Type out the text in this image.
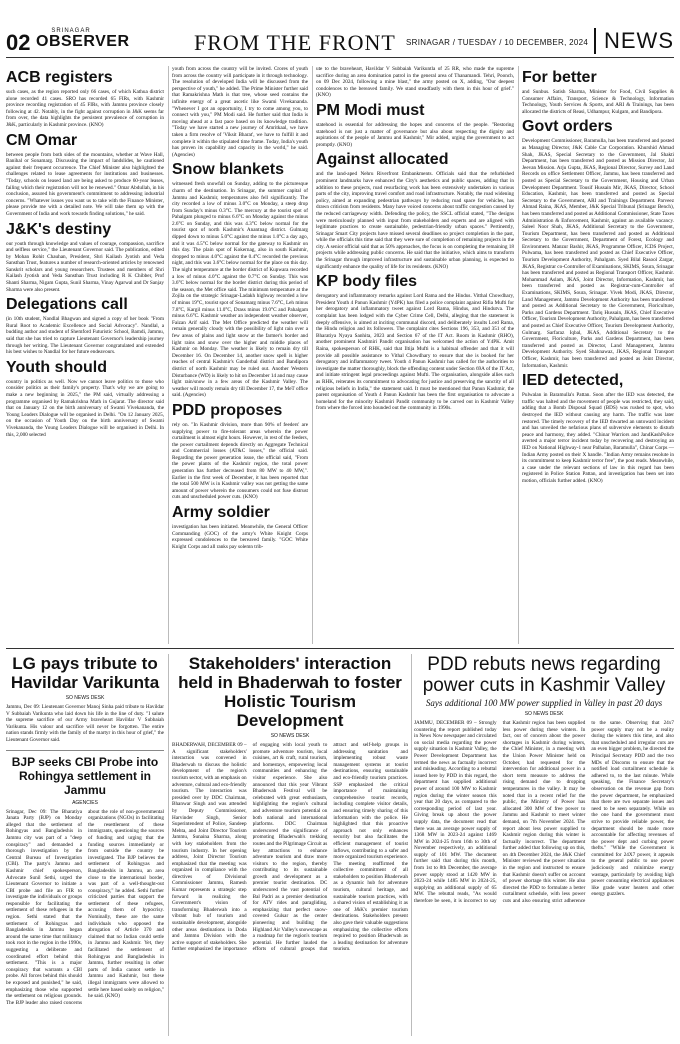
02	SRINAGAR
OBSERVER	FROM THE FRONT SRINAGAR / TUESDAY / 10 DECEMBER, 2024 NEWS
ACB registers

such cases, as the region reported only 66 cases, of which Kathua district alone recorded 41 cases. SRO has recorded 65 FIRs, with Kashmir province recording registration of 45 FIRs, with Jammu province closely following at 42. Notably, in the fight against corruption in J&K seems far from over, the data highlights the persistent prevalence of corruption in J&K, particularly in Kashmir province. (KNO)

CM Omar

between people from both sides of the mountains, whether at Wave Hall, Banihal or Sonamarg. Discussing the impact of landslides, he cautioned against their frequent occurrence. The Chief Minister also highlighted the challenges related to lease agreements for institutions and businesses. "Today, schools on leased land are being asked to produce 60-year leases, failing which their registration will not be renewed." Omar Abdullah, in his conclusion, assured his government's commitment to addressing industrial concerns. "Whatever issues you want us to take with the Finance Minister, please provide me with a detailed note. We will take them up with the Government of India and work towards finding solutions," he said.

J&K's destiny

our youth through knowledge and values of courage, compassion, sacrifice and selfless service," the Lieutenant Governor said. The publication, edited by Mohan Rohit Chauhan, President, Shri Kailash Jyotish and Veda Sansthan Trust, features a number of research-oriented articles by renowned Sanskrit scholars and young researchers. Trustees and members of Shri Kailash Jyotish and Veda Sansthan Trust including R K Chibber, Prof Shanti Sharma, Nigam Gupta, Sunil Sharma, Vinay Agarwal and Dr Sanjay Sharma were also present.

Delegations call

(in 10th student, Nandlal Bhagwan and signed a copy of her book "From Rural Root to Academic Excellence and Social Advocacy". Nandlal, a budding author and student of Shemford Futuristic School, Bamdi, Jammu, said that she has tried to capture Lieutenant Governor's leadership journey through her writing. The Lieutenant Governor congratulated and extended his best wishes to Nandlal for her future endeavours.

Youth should

country in politics as well. Now we cannot leave politics to those who consider politics as their family's property. That's why we are going to make a new beginning in 2025," the PM said, virtually addressing a programme organised by Ramakrishna Math in Gujarat. The director said that on January 12 on the birth anniversary of Swami Vivekananda, the Young Leaders Dialogue will be organised in Delhi. "On 12 January 2025, on the occasion of Youth Day on the birth anniversary of Swami Vivekananda, the Young Leaders Dialogue will be organised in Delhi. In this, 2,000 selected

youth from across the country will be invited. Crores of youth from across the country will participate in it through technology. The resolution of developed India will be discussed from the perspective of youth," he added. The Prime Minister further said that Ramakrishna Math is that tree, whose seed contains the infinite energy of a great ascetic like Swami Vivekananda. "Whenever I got an opportunity, I try to come among you, to connect with you," PM Modi said. He further said that India is moving ahead at a fast pace based on its knowledge tradition. "Today we have started a new journey of Amritkaal, we have taken a firm resolve of 'Viksit Bharat', we have to fulfill it and complete it within the stipulated time frame. Today, India's youth has proven its capability and capacity in the world," he said. (Agencies)

Snow blankets

witnessed fresh snowfall on Sunday, adding to the picturesque charm of the destination. In Srinagar, the summer capital of Jammu and Kashmir, temperatures also fell significantly. The city recorded a low of minus 3.0°C on Monday, a steep drop from Sunday's minus 0.3°C. The mercury at the tourist spot of Pahalgam plunged to minus 6.6°C on Monday against the minus 2.6°C on Sunday, and this was 4.3°C below normal for the tourist spot of north Kashmir's Anantnag district. Gulmarg dipped down to minus 5.0°C against the minus 1.0°C a day ago, and it was 4.5°C below normal for the gateway to Kashmir on this day. The plain spot of Kokernag, also in south Kashmir, dropped to minus 4.0°C against the 0.4°C recorded the previous night, and this was 3.6°C below normal for the place on this day. The night temperature at the border district of Kupwara recorded a low of minus 4.0°C against the 0.7°C on Sunday. This was 3.6°C below normal for the border district during this period of the season, the Met office said. The minimum temperature at the Zojila on the strategic Srinagar-Ladakh highway recorded a low of minus 19°C, tourist spot of Sonamarg minus 7.6°C, Leh minus 7.8°C, Kargil minus 11.0°C, Drass minus 19.0°C and Pahalgam minus 6.6°C. Kashmir weather an independent weather observer, Faizan Arif said. The Met Office predicted the weather will remain generally cloudy with the possibility of light rain over a few areas of plains and light snow at the farmer's border and light rains and snow over the higher and middle places of Kashmir on Monday. The weather is likely to remain dry till December 16. On December 14, another snow spell is higher reaches of central Kashmir's Ganderbal district and Bandipora district of north Kashmir may be ruled out. Another Western Disturbance (WD) is likely to hit on December 14 and may cause light rain/snow in a few areas of the Kashmir Valley. The weather will mostly remain dry till December 17, the MeT office said. (Agencies)

PDD proposes

rely on. "In Kashmir division, more than 90% of feeders' are supplying power to fire-tolerant areas wherein the power curtailment is almost eight hours. However, in rest of the feeders, the power curtailment depends directly on Aggregate Technical and Commercial losses (AT&C losses," the official said. Regarding the power generation issue, the official said, "From the power plants of the Kashmir region, the total power generation has further decreased from 80 MW to 40 MW,". Earlier in the first week of December, it has been reported that the total 500 MW is in Kashmir valley was not getting the same amount of power wherein the consumers could not fuse distrust cuts and unscheduled power cuts. (KNO)

Army soldier

investigation has been initiated. Meanwhile, the General Officer Commanding (GOC) of the army's White Knight Corps expressed condolences to the bereaved family. "GOC White Knight Corps and all ranks pay solemn trib-

ute to the braveheart, Havildar V Subbaiah Varikuntla of 25 RR, who made the supreme sacrifice during an area domination patrol in the general area of Thanamandi. Tehri, Poonch, on 09 Dec 2024, following a mine blast," the army posted on X, adding, "Our deepest condolences to the bereaved family. We stand steadfastly with them in this hour of grief." (KNO)

PM Modi must

statehood is essential for addressing the hopes and concerns of the people. "Restoring statehood is not just a matter of governance but also about respecting the dignity and aspirations of the people of Jammu and Kashmir," Mir added, urging the government to act promptly. (KNO)

Against allocated

and the land-aped Nehru Riverfront Embankments. Officials said that the refurbished prominent landmarks have enhanced the City's aesthetics and public spaces, adding that in addition to these projects, road resurfacing work has been extensively undertaken in various parts of the city, improving travel comfort and road infrastructure. Notably, the road widening policy, aimed at expanding pedestrian pathways by reducing road space for vehicles, has drawn criticism from residents. Many have voiced concerns about traffic congestion caused by the reduced carriageway width. Defending the policy, the SSCL official stated, "The designs were meticulously planned with input from stakeholders and experts and are aligned with legitimate practices to create sustainable, pedestrian-friendly urban spaces." Pertinently, Srinagar Smart City projects have missed several deadlines so project completion in the past, while the officials this time said that they were sure of completion of remaining projects in the city. A senior official said that as 50% approaches, the focus is on completing the remaining 18 projects while addressing public concerns. He said that the initiative, which aims to transform the Srinagar through improved infrastructure and sustainable urban planning, is expected to significantly enhance the quality of life for its residents. (KNO)

KP body files

derogatory and inflammatory remarks against Lord Rama and the Hindus. Vitthal Chowdhary, President Youth 4 Panun Kashmir (Y4PK) has filed a police complaint against Rifia Mufti for her derogatory and inflammatory tweet against Lord Rama, Hindus, and Hindutva. The complaint has been lodged with the Cyber Crime Cell, Delhi, alleging that the statement is deeply offensive, is aimed at inciting communal discord, and deliberately insults Lord Rama, the Hindu religion and its followers. The complaint cites Sections 196, 353, and 351 of the Bharatiya Nyaya Sanhita, 2023 and Section 67 of the IT Act. Room in Kashmir (RHO), another prominent Kashmiri Pandit organisation has welcomed the action of Y4PK. Amit Raina, spokesperson of RHK, said that Iltija Mufti is a habitual offender and that it will provide all possible assistance to Vithal Chowdhary to ensure that she is booked for her derogatory and inflammatory tweet. Youth 4 Panun Kashmir has called for the authorities to investigate the matter thoroughly, block the offending content under Section 69A of the IT Act, and initiate stringent legal proceedings against Mufti. The organisation, alongside allies such as RHK, reiterates its commitment to advocating for justice and preserving the sanctity of all religious beliefs in India," the statement said. It must be mentioned that Panun Kashmir, the parent organisation of Youth 4 Panun Kashmir has been the first organisation to advocate a homeland for the minority Kashmiri Pandit community to be carved out in Kashmir Valley from where the forced into hounded out the community in 1990s.

For better

and Sunbus. Satish Sharma, Minister for Food, Civil Supplies & Consumer Affairs, Transport, Science & Technology, Information Technology, Youth Services & Sports, and ARI & Trainings, has been allocated the districts of Reasi, Udhampur, Kulgam, and Bandipora.

Govt orders

Development Commissioner, Baramulla, has been transferred and posted as Managing Director, J&K Cable Car Corporation. Khurshid Ahmad Shah, JKAS, Special Secretary to the Government, Jal Shakti Department, has been transferred and posted as Mission Director, Jal Jeevan Mission. Arju Gupta, JKAS, Regional Director, Survey and Land Records on office Settlement Officer, Jammu, has been transferred and posted as Special Secretary to the Government, Housing and Urban Development Department. Tousif Hussain Mir, JKAS, Director, School Education, Kashmir, has been transferred and posted as Special Secretary to the Government, ARI and Trainings Department. Parveez Ahmad Raina, JKAS, Member, J&K Special Tribunal (Srinagar Bench), has been transferred and posted as Additional Commissioner, State Taxes Administration & Enforcement, Kashmir, against an available vacancy. Saleel Noor Shah, JKAS, Additional Secretary to the Government, Tourism Department, has been transferred and posted as Additional Secretary to the Government, Department of Forest, Ecology and Environment. Manzur Bashir, JKAS, Programme Officer, ICDS Project, Pulwama, has been transferred and posted as Chief Executive Officer, Tourism Development Authority, Pahalgam. Syed Bilal Rasool Zargar, JKAS, Registrar co-Controller of Examinations, SKIMS, Soura, Srinagar has been transferred and posted as Regional Transport Officer, Kashmir. Mohammad Aslam, JKAS, Joint Director, Information, Kashmir, has been transferred and posted as Registrar-cum-Controller of Examinations, SKIMS, Soura, Srinagar. Vivek Modi, JKAS, Director, Land Management, Jammu Development Authority has been transferred and posted as Additional Secretary to the Government, Floriculture, Parks and Gardens Department. Tariq Hussain, JKAS, Chief Executive Officer, Tourism Development Authority, Pahalgam, has been transferred and posted as Chief Executive Officer, Tourism Development Authority, Gulmarg. Sarfaraz Iqbal, JKAS, Additional Secretary to the Government, Floriculture, Parks and Gardens Department, has been transferred and posted as Director, Land Management, Jammu Development Authority. Syed Shahnawaz, JKAS, Regional Transport Officer, Kashmir, has been transferred and posted as Joint Director, Information, Kashmir.

IED detected,

Pulwalan in Baramulla's Pattan. Soon after the IED was detected, the traffic was halted and the movement of people was restricted, they said, adding that a Bomb Disposal Squad (BDS) was rushed to spot, who destroyed the IED without causing any harm. The traffic was later restored. The timely recovery of the IED thwarted an untoward incident and has unveiled the nefarious plans of subversive elements to disturb peace and harmony, they added. "Chinar Warriors and JandKashPolice averted a major terror incident today by recovering and destroying an IED on National Highway-1 near Palhalan, Baramulla", Chinar Corps — Indian Army posted on their X handle. "Indian Army remains resolute in its commitment to keep Kashmir terror free", the post reads. Meanwhile, a case under the relevant sections of law in this regard has been registered in Police Station Pattan, and investigation has been set into motion, officials further added. (KNO)

LG pays tribute to Havildar Varikunta
SO NEWS DESK

Jammu, Dec 09: Lieutenant Governor Manoj Sinha paid tribute to Havildar V Subbaiah Varikunta who laid down his life in the line of duty. "I salute the supreme sacrifice of our Army braveheart Havildar V Subbaiah Varikunta. His valour and sacrifice will never be forgotten. The entire nation stands firmly with the family of the martyr in this hour of grief," the Lieutenant Governor said.

BJP seeks CBI Probe into Rohingya settlement in Jammu
AGENCIES
Srinagar, Dec 09: The Bharatiya Janata Party (BJP) on Monday alleged that the settlement of Rohingyas and Bangladeshis in Jammu city was part of a "deep conspiracy" and demanded a thorough investigation by the Central Bureau of Investigation (CBI). The party's Jammu and Kashmir chief spokesperson, Advocate Sunil Sethi, urged the Lieutenant Governor to initiate a CBI probe and file an FIR to investigate the individuals or groups responsible for facilitating the settlement of these refugees in the region. Sethi stated that the settlement of Rohingyas and Bangladeshis in Jammu began around the same time that militancy took root in the region in the 1990s, suggesting a deliberate and coordinated effort behind this settlement. "This is a major conspiracy that warrants a CBI probe. All forces behind this should be exposed and punished," he said, emphasizing those who supported the settlement on religious grounds. The BJP leader also raised concerns about the role of non-governmental organizations (NGOs) in facilitating the resettlement of these immigrants, questioning the sources of funding and urging that the funding sources immediately or from outside the country be investigated. The BJP believes the settlement of Rohingyas and Bangladeshis in Jammu, an area close to the international border, was part of a well-thought-out conspiracy," he added. Sethi further criticized parties that support the settlement of these refugees, accusing them of hypocrisy. Nominally, these are the same individuals who opposed the abrogation of Article 370 and claimed that no Indian could settle in Jammu and Kashmir. Yet, they facilitated the settlement of Rohingyas and Bangladeshis in Jammu, further resulting in other parts of India cannot settle in Jammu and Kashmir, but these illegal immigrants were allowed to settle here based solely on religion," he said. (KNO)
Stakeholders' interaction held in Bhaderwah to foster Holistic Tourism Development
SO NEWS DESK
BHADERWAH, DECEMBER 09 – A significant stakeholders' interaction was convened in Bhaderwah to discuss the holistic development of the region's tourism sector, with an emphasis on adventure, cultural and eco-friendly tourism. The interaction was presided over by DDC Chairman, Bhanwar Singh and was attended by Deputy Commissioner, Harvinder Singh, Senior Superintendent of Police, Sandeep Mehta, and Joint Director Tourism Jammu, Sunaina Sharma, along with key stakeholders from the tourism industry. In her opening address, Joint Director Tourism emphasized that the meeting was organized in compliance with the directives of Divisional Commissioner Jammu, Ramesh Kumar represents a strategic step forward in realizing the Government's vision of transforming Bhaderwah into a vibrant hub of tourism and sustainable development, alongside other areas destinations in Doda and Jammu Division with the active support of stakeholders. She further emphasized the importance of engaging with local youth to promote adventure tourism, local cuisines, art & craft, rural tourism, and homestays, empowering local communities and enhancing the visitor experience. She also announced that this year Vibrant Bhaderwah Festival will be celebrated with great enthusiasm, highlighting the region's cultural and adventure tourism potential on both national and international platforms. DDC Chairman underscored the significance of promoting Bhaderwah's trekking routes and the Pilgrimage Circuit as key attractions to enhance adventure tourism and draw more visitors to the region, thereby contributing to its sustainable growth and development as a premier tourist destination. DC underscored the vast potential of Bal Padri as a premier destination for ATV rides and paragliding, emphasizing that perfect snow-covered Gulsar as the center pioneering and building the Highland Air Valley's snowscape as a roadmap for the region's tourism potential. He further lauded the efforts of cultural groups that attract and self-help groups in addressing sanitation and implementing robust waste management systems at tourist destinations, ensuring sustainable and eco-friendly tourism practices. SSP emphasized the critical importance of maintaining comprehensive tourist records, including complete visitor details, and ensuring timely sharing of this information with the police. He highlighted that this proactive approach not only enhances security but also facilitates the efficient management of tourist inflows, contributing to a safer and more organized tourism experience. The meeting reaffirmed the collective commitment of all stakeholders to position Bhaderwah as a dynamic hub for adventure tourism, cultural heritage, and sustainable tourism practices, with a shared vision of establishing it as one of J&K's premier tourism destinations. Stakeholders present also gave their valuable suggestions emphasizing the collective efforts required to position Bhaderwah as a leading destination for adventure tourism.
PDD rebuts news regarding power cuts in Kashmir Valley
Says additional 100 MW power supplied in Valley in past 20 days
SO NEWS DESK
JAMMU, DECEMBER 09 – Strongly countering the report published today in News Now newspaper and circulated on social media regarding the power supply situation in Kashmir Valley, the Power Development Department has termed the news as factually incorrect and misleading. According to a rebuttal issued here by PDD in this regard, the department has supplied additional power of around 100 MW to Kashmir region during the winter season this year that 20 days, as compared to the corresponding period of last year. Giving break up about the power supply data, the document read that there was an average power supply of 1368 MW in 2023-24 against 1469 MW in 2024-25 from 16th to 30th of November respectively, an additional supply of 101 MW. The document further said that during this month, from 1st to 8th December, the average power supply stood at 1420 MW in 2023-24 while 1485 MW in 2024-25, supplying an additional supply of 65 MW. The rebuttal reads, "As would therefore be seen, it is incorrect to say that Kashmir region has been supplied less power during these winters. In fact, out of concern about the power shortages in Kashmir during winters, the Chief Minister, in a meeting with the Union Power Minister held on October, had requested for the intervention for additional power in a short term measure to address the rising demand due to dropping temperatures in the valley. It may be noted that in a recent relief for the public, the Ministry of Power has allocated 300 MW of free power to Jammu and Kashmir to meet winter demand, on 7th November 2024. The report about less power supplied to Kashmir region during this winter is factually incorrect. The department further added that following up on this, on 4th December 2024, the J&K Chief Minister reviewed the power situation in the region and instructed to ensure that Kashmir doesn't suffer on account of power shortage this winter. He also directed the PDD to formulate a better curtailment schedule, with less power cuts and also ensuring strict adherence to the same. Observing that 24x7 power supply may not be a reality during the winters this time, and also that unscheduled and irregular cuts are an even bigger problem, he directed the Principal Secretary PDD and the two MDs of Discoms to ensure that the notified load curtailment schedule is adhered to, to the last minute. While speaking, the Finance Secretary's observation on the revenue gap from the power department, he emphasized that there are two separate issues and need to be seen separately. While on the one hand the government must strive to provide reliable power, the department should be made more accountable for affecting revenues of the power dept and curbing power thefts." "While the Government is committed for 24X7 power, it appeals to the general public to use power judiciously and minimize energy wastage, particularly by avoiding high power consuming electrical appliances like grade water heaters and other energy guzzlers.
